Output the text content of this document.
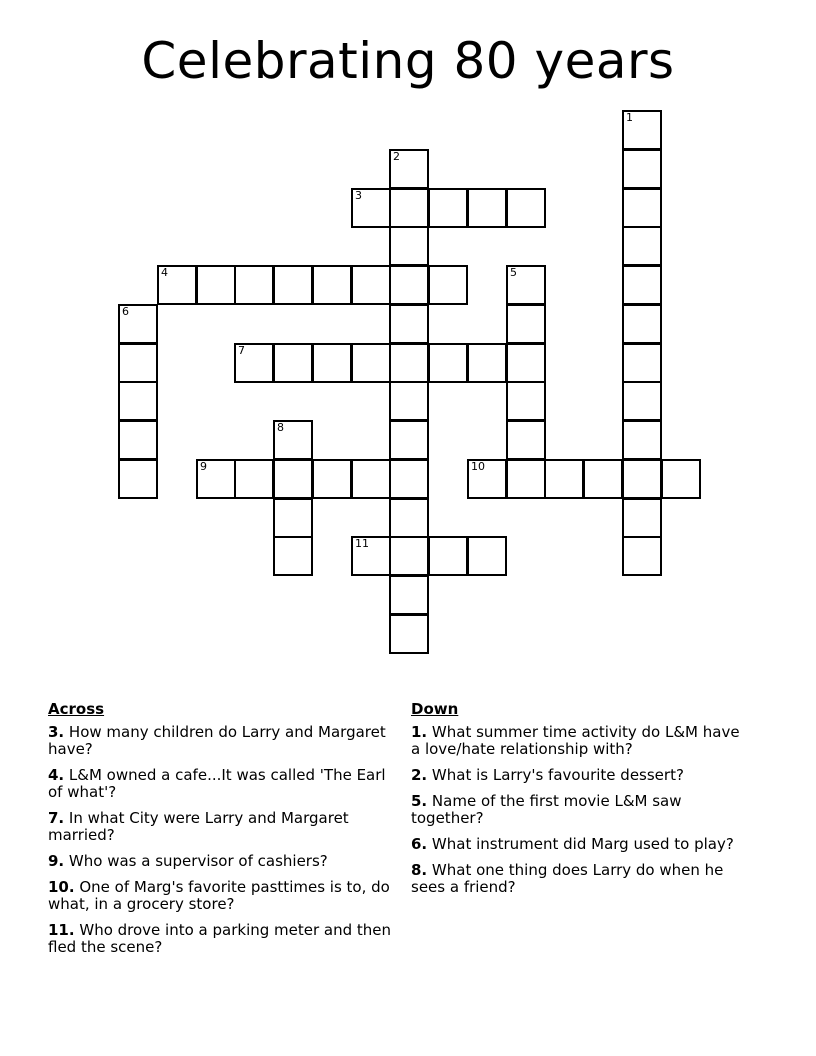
Celebrating 80 years
1
2
3
4	5
6
7
8
9	10
11
Across
3. How many children do Larry and Margaret have?
4. L&M owned a cafe...It was called 'The Earl of what'?
7. In what City were Larry and Margaret married?
9. Who was a supervisor of cashiers?
10. One of Marg's favorite pasttimes is to, do what, in a grocery store?
11. Who drove into a parking meter and then fled the scene?
Down
1. What summer time activity do L&M have a love/hate relationship with?
2. What is Larry's favourite dessert?
5. Name of the first movie L&M saw together?
6. What instrument did Marg used to play?
8. What one thing does Larry do when he sees a friend?
